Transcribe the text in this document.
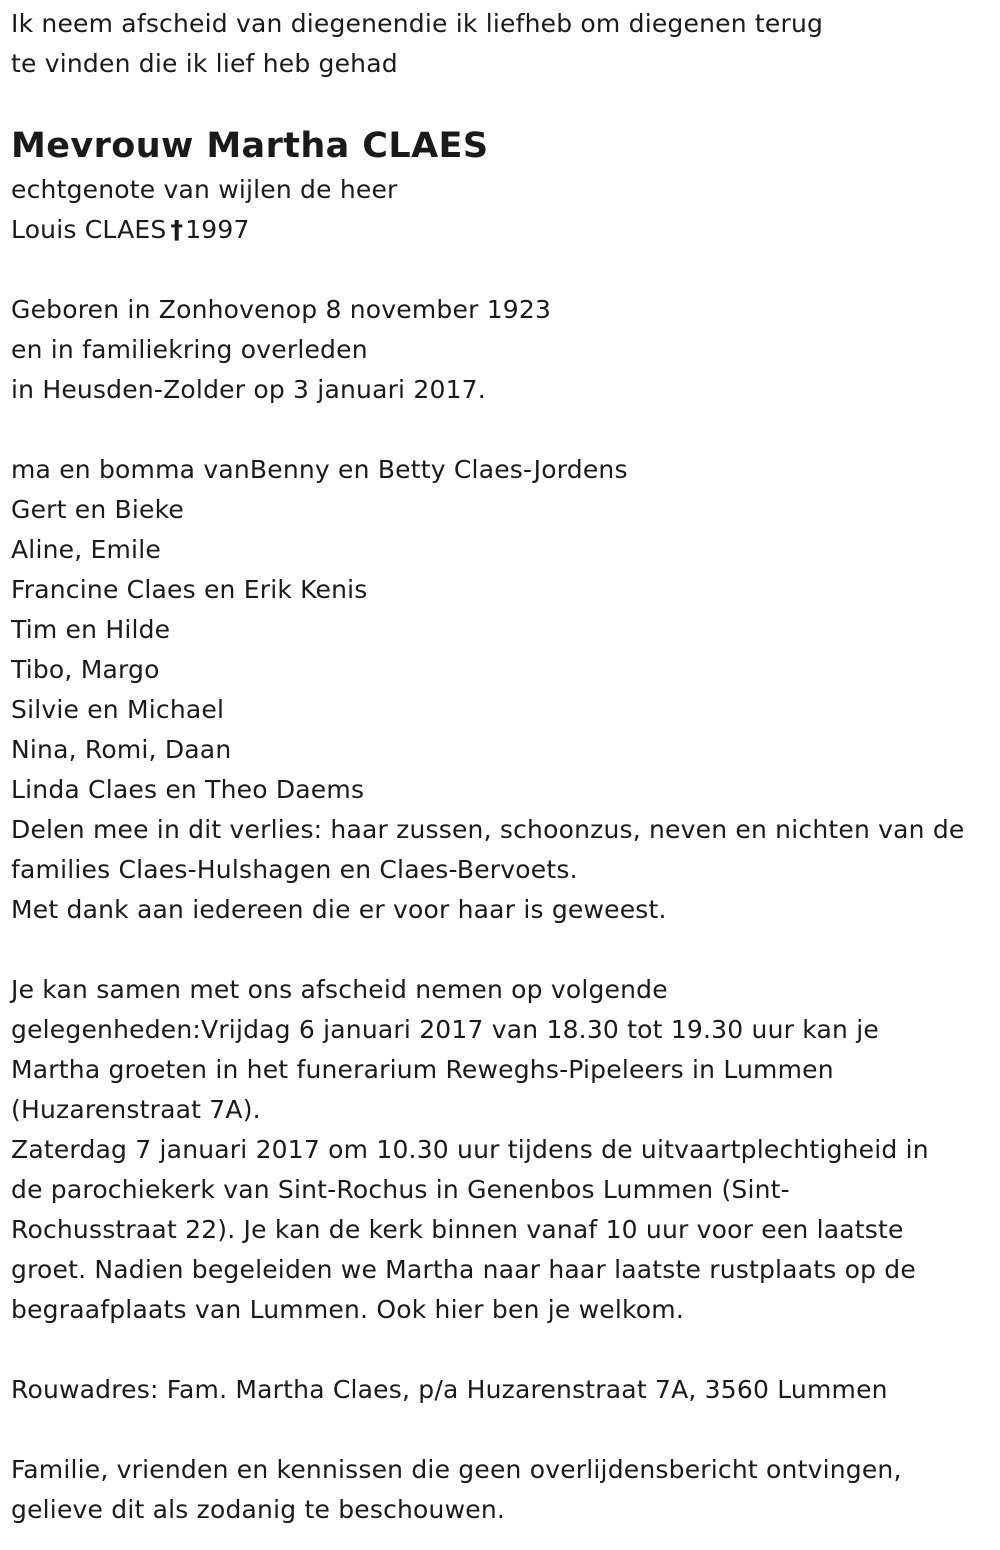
Ik neem afscheid van diegenendie ik liefheb om diegenen terug
te vinden die ik lief heb gehad
Mevrouw Martha CLAES
echtgenote van wijlen de heer
Louis CLAES †1997
Geboren in Zonhovenop 8 november 1923
en in familiekring overleden
in Heusden-Zolder op 3 januari 2017.
ma en bomma vanBenny en Betty Claes-Jordens
Gert en Bieke
Aline, Emile
Francine Claes en Erik Kenis
Tim en Hilde
Tibo, Margo
Silvie en Michael
Nina, Romi, Daan
Linda Claes en Theo Daems
Delen mee in dit verlies: haar zussen, schoonzus, neven en nichten van de
families Claes-Hulshagen en Claes-Bervoets.
Met dank aan iedereen die er voor haar is geweest.
Je kan samen met ons afscheid nemen op volgende
gelegenheden:Vrijdag 6 januari 2017 van 18.30 tot 19.30 uur kan je
Martha groeten in het funerarium Reweghs-Pipeleers in Lummen
(Huzarenstraat 7A).
Zaterdag 7 januari 2017 om 10.30 uur tijdens de uitvaartplechtigheid in
de parochiekerk van Sint-Rochus in Genenbos Lummen (Sint-
Rochusstraat 22). Je kan de kerk binnen vanaf 10 uur voor een laatste
groet. Nadien begeleiden we Martha naar haar laatste rustplaats op de
begraafplaats van Lummen. Ook hier ben je welkom.
Rouwadres: Fam. Martha Claes, p/a Huzarenstraat 7A, 3560 Lummen
Familie, vrienden en kennissen die geen overlijdensbericht ontvingen,
gelieve dit als zodanig te beschouwen.
